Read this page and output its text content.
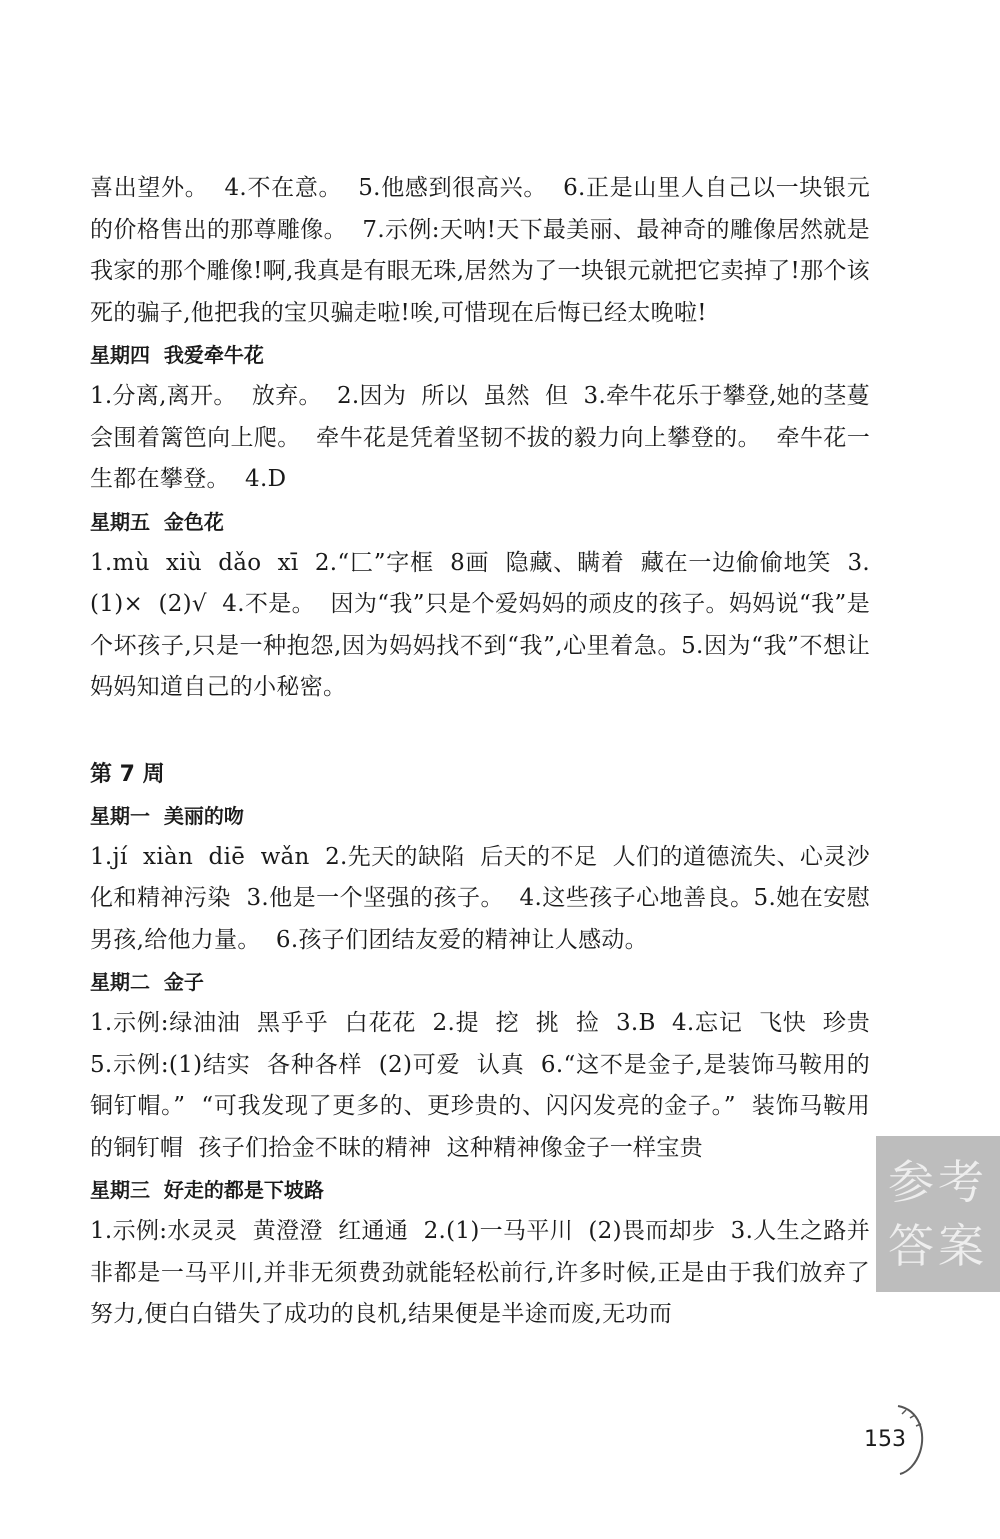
喜出望外。  4.不在意。  5.他感到很高兴。  6.正是山里人自己以一块银元的价格售出的那尊雕像。  7.示例:天呐!天下最美丽、最神奇的雕像居然就是我家的那个雕像!啊,我真是有眼无珠,居然为了一块银元就把它卖掉了!那个该死的骗子,他把我的宝贝骗走啦!唉,可惜现在后悔已经太晚啦!

星期四  我爱牵牛花

1.分离,离开。  放弃。  2.因为  所以  虽然  但  3.牵牛花乐于攀登,她的茎蔓会围着篱笆向上爬。  牵牛花是凭着坚韧不拔的毅力向上攀登的。  牵牛花一生都在攀登。  4.D

星期五  金色花

1.mù  xiù  dǎo  xī  2.“匚”字框  8画  隐藏、瞒着  藏在一边偷偷地笑  3.(1)×  (2)√  4.不是。  因为“我”只是个爱妈妈的顽皮的孩子。妈妈说“我”是个坏孩子,只是一种抱怨,因为妈妈找不到“我”,心里着急。5.因为“我”不想让妈妈知道自己的小秘密。

第 7 周
星期一  美丽的吻

1.jí  xiàn  diē  wǎn  2.先天的缺陷  后天的不足  人们的道德流失、心灵沙化和精神污染  3.他是一个坚强的孩子。  4.这些孩子心地善良。5.她在安慰男孩,给他力量。  6.孩子们团结友爱的精神让人感动。

星期二  金子

1.示例:绿油油  黑乎乎  白花花  2.提  挖  挑  捡  3.B  4.忘记  飞快  珍贵  5.示例:(1)结实  各种各样  (2)可爱  认真  6.“这不是金子,是装饰马鞍用的铜钉帽。”  “可我发现了更多的、更珍贵的、闪闪发亮的金子。”  装饰马鞍用的铜钉帽  孩子们拾金不昧的精神  这种精神像金子一样宝贵

星期三  好走的都是下坡路

1.示例:水灵灵  黄澄澄  红通通  2.(1)一马平川  (2)畏而却步  3.人生之路并非都是一马平川,并非无须费劲就能轻松前行,许多时候,正是由于我们放弃了努力,便白白错失了成功的良机,结果便是半途而废,无功而

参考答案
153
